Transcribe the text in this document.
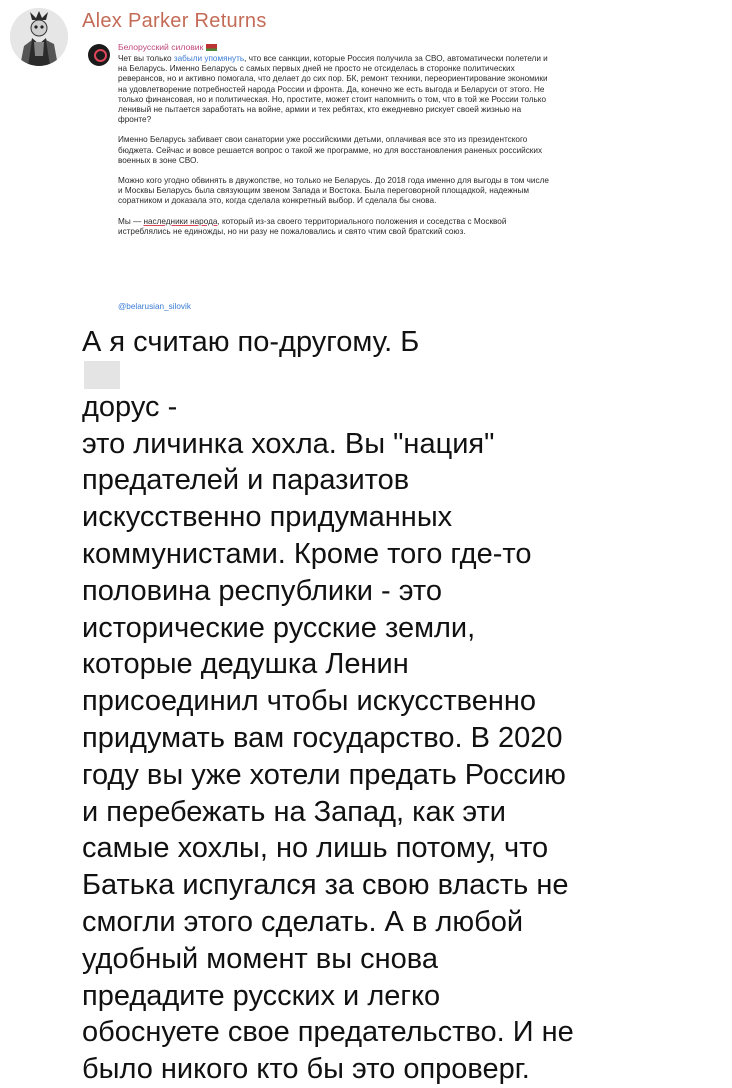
Alex Parker Returns
Белорусский силовик

Чет вы только забыли упомянуть, что все санкции, которые Россия получила за СВО, автоматически полетели и на Беларусь. Именно Беларусь с самых первых дней не просто не отсиделась в сторонке политических реверансов, но и активно помогала, что делает до сих пор. БК, ремонт техники, переориентирование экономики на удовлетворение потребностей народа России и фронта. Да, конечно же есть выгода и Беларуси от этого. Не только финансовая, но и политическая. Но, простите, может стоит напомнить о том, что в той же России только ленивый не пытается заработать на войне, армии и тех ребятах, кто ежедневно рискует своей жизнью на фронте?

Именно Беларусь забивает свои санатории уже российскими детьми, оплачивая все это из президентского бюджета. Сейчас и вовсе решается вопрос о такой же программе, но для восстановления раненых российских военных в зоне СВО.

Можно кого угодно обвинять в двужопстве, но только не Беларусь. До 2018 года именно для выгоды в том числе и Москвы Беларусь была связующим звеном Запада и Востока. Была переговорной площадкой, надежным соратником и доказала это, когда сделала конкретный выбор. И сделала бы снова.

Мы — наследники народа, который из-за своего территориального положения и соседства с Москвой истреблялись не единожды, но ни разу не пожаловались и свято чтим свой братский союз.

@belarusian_silovik
А я считаю по-другому. Б
дорус -
это личинка хохла. Вы "нация"
предателей и паразитов
искусственно придуманных
коммунистами. Кроме того где-то
половина республики - это
исторические русские земли,
которые дедушка Ленин
присоединил чтобы искусственно
придумать вам государство. В 2020
году вы уже хотели предать Россию
и перебежать на Запад, как эти
самые хохлы, но лишь потому, что
Батька испугался за свою власть не
смогли этого сделать. А в любой
удобный момент вы снова
предадите русских и легко
обоснуете свое предательство. И не
было никого кто бы это опроверг.
